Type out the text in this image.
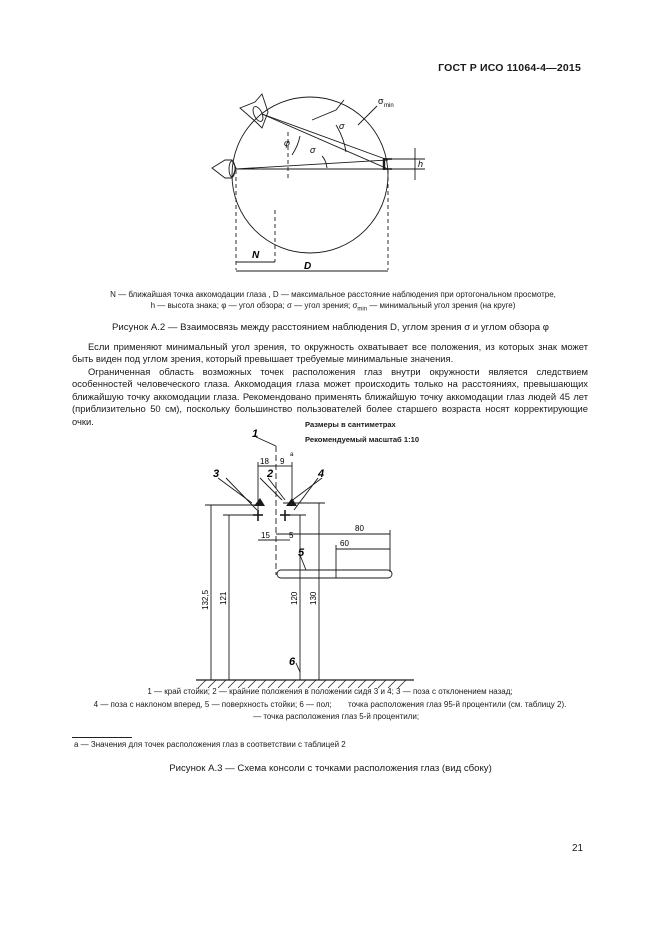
ГОСТ Р ИСО 11064-4—2015
σ min
σ
φ
σ
h
N
D
N — ближайшая точка аккомодации глаза , D — максимальное расстояние наблюдения при ортогональном просмотре,
h — высота знака; φ — угол обзора; σ — угол зрения; $\sigma_{min}$ — минимальный угол зрения (на круге)
Рисунок А.2 — Взаимосвязь между расстоянием наблюдения D, углом зрения σ и углом обзора φ
Если применяют минимальный угол зрения, то окружность охватывает все положения, из которых знак может быть виден под углом зрения, который превышает требуемые минимальные значения.
Ограниченная область возможных точек расположения глаз внутри окружности является следствием особенностей человеческого глаза. Аккомодация глаза может происходить только на расстояниях, превышающих ближайшую точку аккомодации глаза. Рекомендовано применять ближайшую точку аккомодации глаз людей 45 лет (приблизительно 50 см), поскольку большинство пользователей более старшего возраста носят корректирующие очки.	Размеры в сантиметрах
Рекомендуемый масштаб 1:10
1
2
3	4
5
6
18 9
15 5
80
60
132,5 121	120 130
а
1 — край стойки; 2 — крайние положения в положении сидя 3 и 4; 3 — поза с отклонением назад;
4 — поза с наклоном вперед, 5 — поверхность стойки; 6 — пол; точка расположения глаз 95-й процентили (см. таблицу 2).
— точка расположения глаз 5-й процентили;
а — Значения для точек расположения глаз в соответствии с таблицей 2
Рисунок А.3 — Схема консоли с точками расположения глаз (вид сбоку)
21
